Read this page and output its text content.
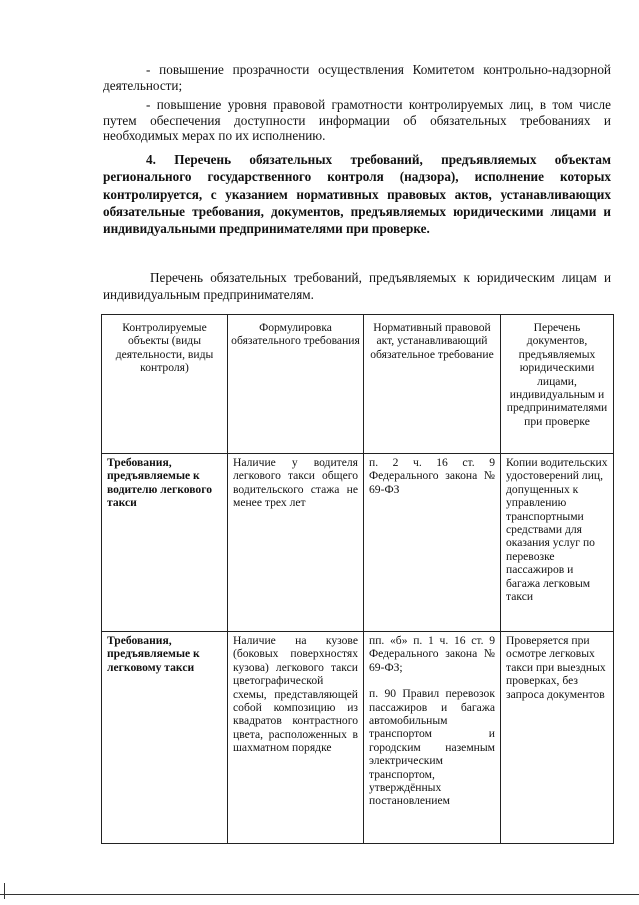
- повышение прозрачности осуществления Комитетом контрольно-надзорной деятельности;

- повышение уровня правовой грамотности контролируемых лиц, в том числе путем обеспечения доступности информации об обязательных требованиях и необходимых мерах по их исполнению.

4. Перечень обязательных требований, предъявляемых объектам регионального государственного контроля (надзора), исполнение которых контролируется, с указанием нормативных правовых актов, устанавливающих обязательные требования, документов, предъявляемых юридическими лицами и индивидуальными предпринимателями при проверке.

Перечень обязательных требований, предъявляемых к юридическим лицам и индивидуальным предпринимателям.

Контролируемые объекты (виды деятельности, виды контроля)	Формулировка обязательного требования	Нормативный правовой акт, устанавливающий обязательное требование	Перечень документов, предъявляемых юридическими лицами, индивидуальным и предпринимателями при проверке
Требования, предъявляемые к водителю легкового такси	Наличие у водителя легкового такси общего водительского стажа не менее трех лет	п. 2 ч. 16 ст. 9 Федерального закона № 69-ФЗ	Копии водительских удостоверений лиц, допущенных к управлению транспортными средствами для оказания услуг по перевозке пассажиров и багажа легковым такси
Требования, предъявляемые к легковому такси	Наличие на кузове (боковых поверхностях кузова) легкового такси цветографической схемы, представляющей собой композицию из квадратов контрастного цвета, расположенных в шахматном порядке	пп. «б» п. 1 ч. 16 ст. 9 Федерального закона № 69-ФЗ;
п. 90 Правил перевозок пассажиров и багажа автомобильным транспортом и городским наземным электрическим транспортом, утверждённых постановлением	Проверяется при осмотре легковых такси при выездных проверках, без запроса документов
